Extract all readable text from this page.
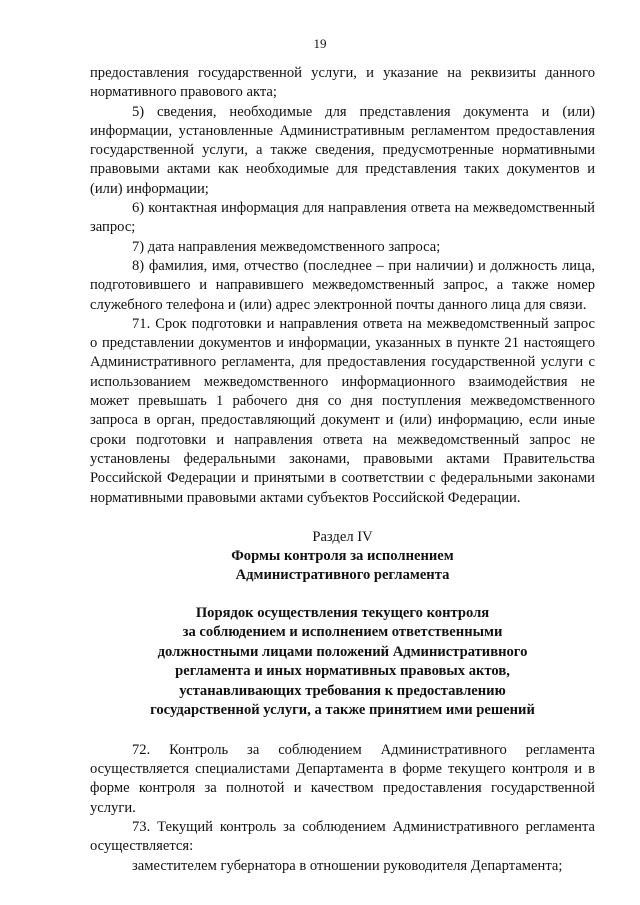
19

предоставления государственной услуги, и указание на реквизиты данного нормативного правового акта;

5) сведения, необходимые для представления документа и (или) информации, установленные Административным регламентом предоставления государственной услуги, а также сведения, предусмотренные нормативными правовыми актами как необходимые для представления таких документов и (или) информации;

6) контактная информация для направления ответа на межведомственный запрос;

7) дата направления межведомственного запроса;

8) фамилия, имя, отчество (последнее – при наличии) и должность лица, подготовившего и направившего межведомственный запрос, а также номер служебного телефона и (или) адрес электронной почты данного лица для связи.

71. Срок подготовки и направления ответа на межведомственный запрос о представлении документов и информации, указанных в пункте 21 настоящего Административного регламента, для предоставления государственной услуги с использованием межведомственного информационного взаимодействия не может превышать 1 рабочего дня со дня поступления межведомственного запроса в орган, предоставляющий документ и (или) информацию, если иные сроки подготовки и направления ответа на межведомственный запрос не установлены федеральными законами, правовыми актами Правительства Российской Федерации и принятыми в соответствии с федеральными законами нормативными правовыми актами субъектов Российской Федерации.

Раздел IV
Формы контроля за исполнением
Административного регламента
Порядок осуществления текущего контроля
за соблюдением и исполнением ответственными
должностными лицами положений Административного
регламента и иных нормативных правовых актов,
устанавливающих требования к предоставлению
государственной услуги, а также принятием ими решений

72. Контроль за соблюдением Административного регламента осуществляется специалистами Департамента в форме текущего контроля и в форме контроля за полнотой и качеством предоставления государственной услуги.

73. Текущий контроль за соблюдением Административного регламента осуществляется:

заместителем губернатора в отношении руководителя Департамента;
